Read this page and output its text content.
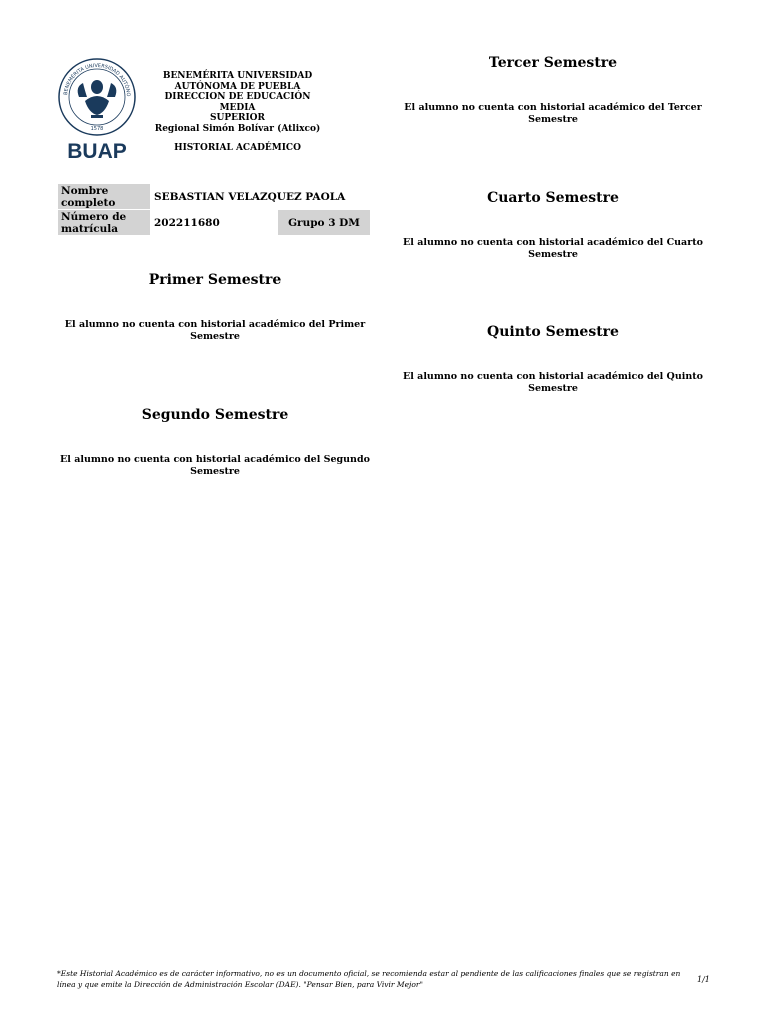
BENEMÉRITA UNIVERSIDAD AUTÓNO
1578
BUAP
BENEMÉRITA UNIVERSIDAD
AUTÓNOMA DE PUEBLA
DIRECCION DE EDUCACIÓN MEDIA
SUPERIOR
Regional Simón Bolívar (Atlixco)
HISTORIAL ACADÉMICO
Nombre completo	SEBASTIAN VELAZQUEZ PAOLA	
Número de matrícula	202211680	Grupo 3 DM
Primer Semestre

El alumno no cuenta con historial académico del Primer Semestre

Segundo Semestre

El alumno no cuenta con historial académico del Segundo Semestre

Tercer Semestre

El alumno no cuenta con historial académico del Tercer Semestre

Cuarto Semestre

El alumno no cuenta con historial académico del Cuarto Semestre

Quinto Semestre

El alumno no cuenta con historial académico del Quinto Semestre

*Este Historial Académico es de carácter informativo, no es un documento oficial, se recomienda estar al pendiente de las calificaciones finales que se registran en línea y que emite la Dirección de Administración Escolar (DAE). "Pensar Bien, para Vivir Mejor"	1/1
